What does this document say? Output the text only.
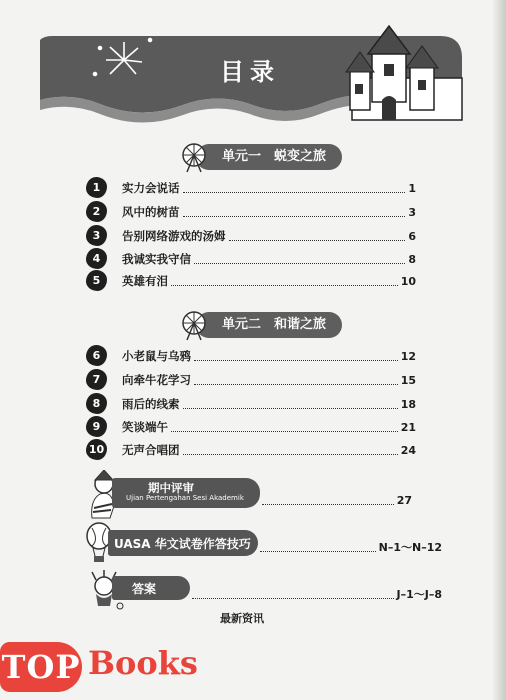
目录
单元一　蜕变之旅
1	实力会说话	1
2	风中的树苗	3
3	告别网络游戏的汤姆	6
4	我诚实我守信	8
5	英雄有泪	10
单元二　和谐之旅
6	小老鼠与乌鸦	12
7	向牵牛花学习	15
8	雨后的线索	18
9	笑谈端午	21
10 无声合唱团	24
期中评审
Ujian Pertengahan Sesi Akademik	27
UASA 华文试卷作答技巧	N–1～N–12
答案	J–1～J–8
最新资讯
TOP Books
